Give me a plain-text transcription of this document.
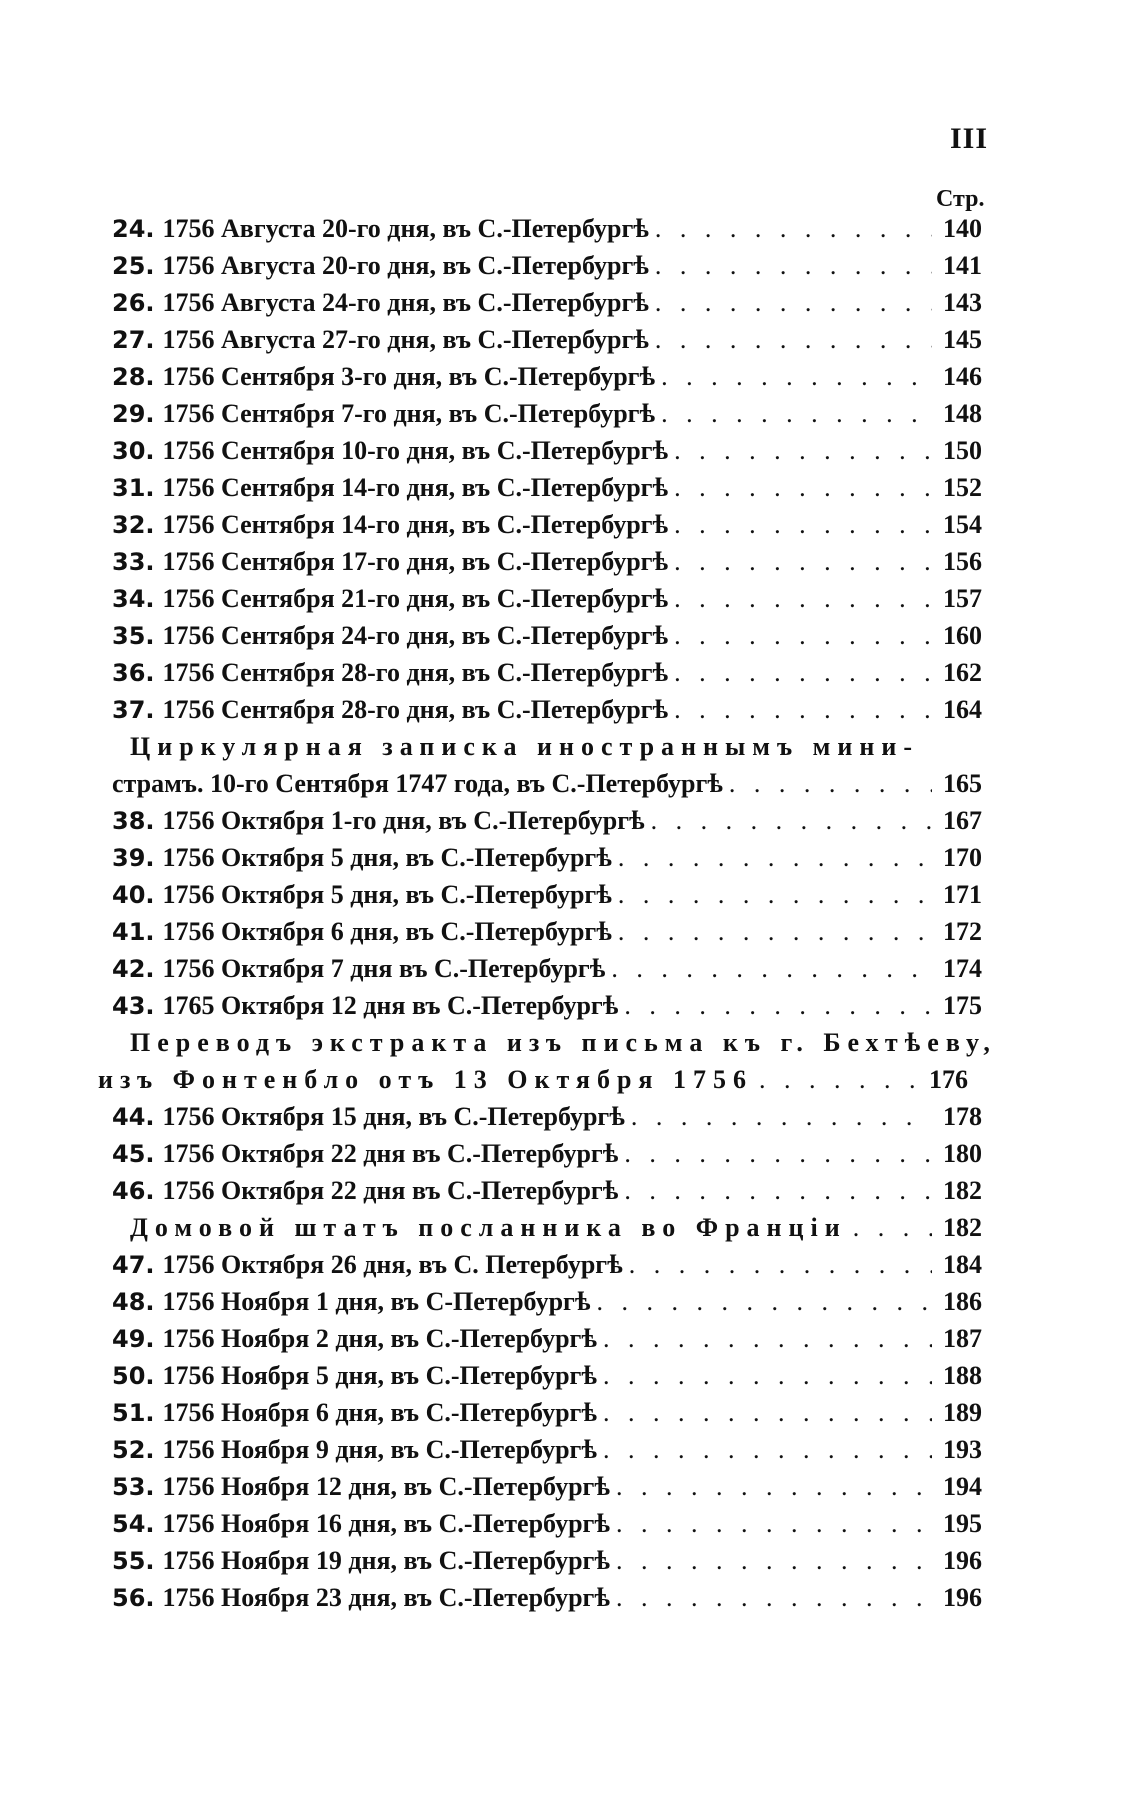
III
Стр.
24. 1756 Августа 20-го дня, въ С.-Петербургѣ . . .	140
25. 1756 Августа 20-го дня, въ С.-Петербургѣ . . .	141
26. 1756 Августа 24-го дня, въ С.-Петербургѣ . . .	143
27. 1756 Августа 27-го дня, въ С.-Петербургѣ . . .	145
28. 1756 Сентября 3-го дня, въ С.-Петербургѣ . . .	146
29. 1756 Сентября 7-го дня, въ С.-Петербургѣ . . .	148
30. 1756 Сентября 10-го дня, въ С.-Петербургѣ . . .	150
31. 1756 Сентября 14-го дня, въ С.-Петербургѣ . . .	152
32. 1756 Сентября 14-го дня, въ С.-Петербургѣ . . .	154
33. 1756 Сентября 17-го дня, въ С.-Петербургѣ . . .	156
34. 1756 Сентября 21-го дня, въ С.-Петербургѣ . . .	157
35. 1756 Сентября 24-го дня, въ С.-Петербургѣ . . .	160
36. 1756 Сентября 28-го дня, въ С.-Петербургѣ . . .	162
37. 1756 Сентября 28-го дня, въ С.-Петербургѣ . . .	164
Циркулярная записка иностраннымъ мини-
страмъ. 10-го Сентября 1747 года, въ С.-Петербургѣ . . .	165
38. 1756 Октября 1-го дня, въ С.-Петербургѣ . . .	167
39. 1756 Октября 5 дня, въ С.-Петербургѣ . . .	170
40. 1756 Октября 5 дня, въ С.-Петербургѣ . . .	171
41. 1756 Октября 6 дня, въ С.-Петербургѣ . . .	172
42. 1756 Октября 7 дня въ С.-Петербургѣ . . .	174
43. 1765 Октября 12 дня въ С.-Петербургѣ . . .	175
Переводъ экстракта изъ письма къ г. Бехтѣеву,
изъ Фонтенбло отъ 13 Октября 1756 . . .	176
44. 1756 Октября 15 дня, въ С.-Петербургѣ . . .	178
45. 1756 Октября 22 дня въ С.-Петербургѣ . . .	180
46. 1756 Октября 22 дня въ С.-Петербургѣ . . .	182
Домовой штатъ посланника во Франціи . . .	182
47. 1756 Октября 26 дня, въ С. Петербургѣ . . .	184
48. 1756 Ноября 1 дня, въ С-Петербургѣ . . .	186
49. 1756 Ноября 2 дня, въ С.-Петербургѣ . . .	187
50. 1756 Ноября 5 дня, въ С.-Петербургѣ . . .	188
51. 1756 Ноября 6 дня, въ С.-Петербургѣ . . .	189
52. 1756 Ноября 9 дня, въ С.-Петербургѣ . . .	193
53. 1756 Ноября 12 дня, въ С.-Петербургѣ . . .	194
54. 1756 Ноября 16 дня, въ С.-Петербургѣ . . .	195
55. 1756 Ноября 19 дня, въ С.-Петербургѣ . . .	196
56. 1756 Ноября 23 дня, въ С.-Петербургѣ . . .	196
